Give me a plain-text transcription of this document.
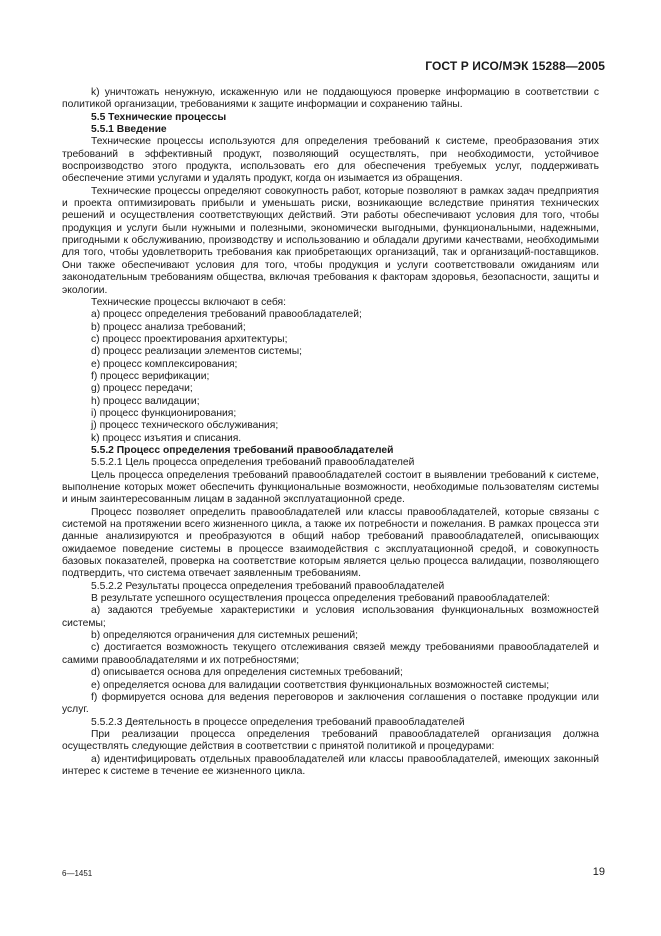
ГОСТ Р ИСО/МЭК 15288—2005

k) уничтожать ненужную, искаженную или не поддающуюся проверке информацию в соответствии с политикой организации, требованиями к защите информации и сохранению тайны.

5.5 Технические процессы

5.5.1 Введение

Технические процессы используются для определения требований к системе, преобразования этих требований в эффективный продукт, позволяющий осуществлять, при необходимости, устойчивое воспроизводство этого продукта, использовать его для обеспечения требуемых услуг, поддерживать обеспечение этими услугами и удалять продукт, когда он изымается из обращения.

Технические процессы определяют совокупность работ, которые позволяют в рамках задач предприятия и проекта оптимизировать прибыли и уменьшать риски, возникающие вследствие принятия технических решений и осуществления соответствующих действий. Эти работы обеспечивают условия для того, чтобы продукция и услуги были нужными и полезными, экономически выгодными, функциональными, надежными, пригодными к обслуживанию, производству и использованию и обладали другими качествами, необходимыми для того, чтобы удовлетворить требования как приобретающих организаций, так и организаций-поставщиков. Они также обеспечивают условия для того, чтобы продукция и услуги соответствовали ожиданиям или законодательным требованиям общества, включая требования к факторам здоровья, безопасности, защиты и экологии.

Технические процессы включают в себя:

a) процесс определения требований правообладателей;

b) процесс анализа требований;

c) процесс проектирования архитектуры;

d) процесс реализации элементов системы;

e) процесс комплексирования;

f) процесс верификации;

g) процесс передачи;

h) процесс валидации;

i) процесс функционирования;

j) процесс технического обслуживания;

k) процесс изъятия и списания.

5.5.2 Процесс определения требований правообладателей

5.5.2.1 Цель процесса определения требований правообладателей

Цель процесса определения требований правообладателей состоит в выявлении требований к системе, выполнение которых может обеспечить функциональные возможности, необходимые пользователям системы и иным заинтересованным лицам в заданной эксплуатационной среде.

Процесс позволяет определить правообладателей или классы правообладателей, которые связаны с системой на протяжении всего жизненного цикла, а также их потребности и пожелания. В рамках процесса эти данные анализируются и преобразуются в общий набор требований правообладателей, описывающих ожидаемое поведение системы в процессе взаимодействия с эксплуатационной средой, и совокупность базовых показателей, проверка на соответствие которым является целью процесса валидации, позволяющего подтвердить, что система отвечает заявленным требованиям.

5.5.2.2 Результаты процесса определения требований правообладателей

В результате успешного осуществления процесса определения требований правообладателей:

a) задаются требуемые характеристики и условия использования функциональных возможностей системы;

b) определяются ограничения для системных решений;

c) достигается возможность текущего отслеживания связей между требованиями правообладателей и самими правообладателями и их потребностями;

d) описывается основа для определения системных требований;

e) определяется основа для валидации соответствия функциональных возможностей системы;

f) формируется основа для ведения переговоров и заключения соглашения о поставке продукции или услуг.

5.5.2.3 Деятельность в процессе определения требований правообладателей

При реализации процесса определения требований правообладателей организация должна осуществлять следующие действия в соответствии с принятой политикой и процедурами:

a) идентифицировать отдельных правообладателей или классы правообладателей, имеющих законный интерес к системе в течение ее жизненного цикла.

6—1451	19
